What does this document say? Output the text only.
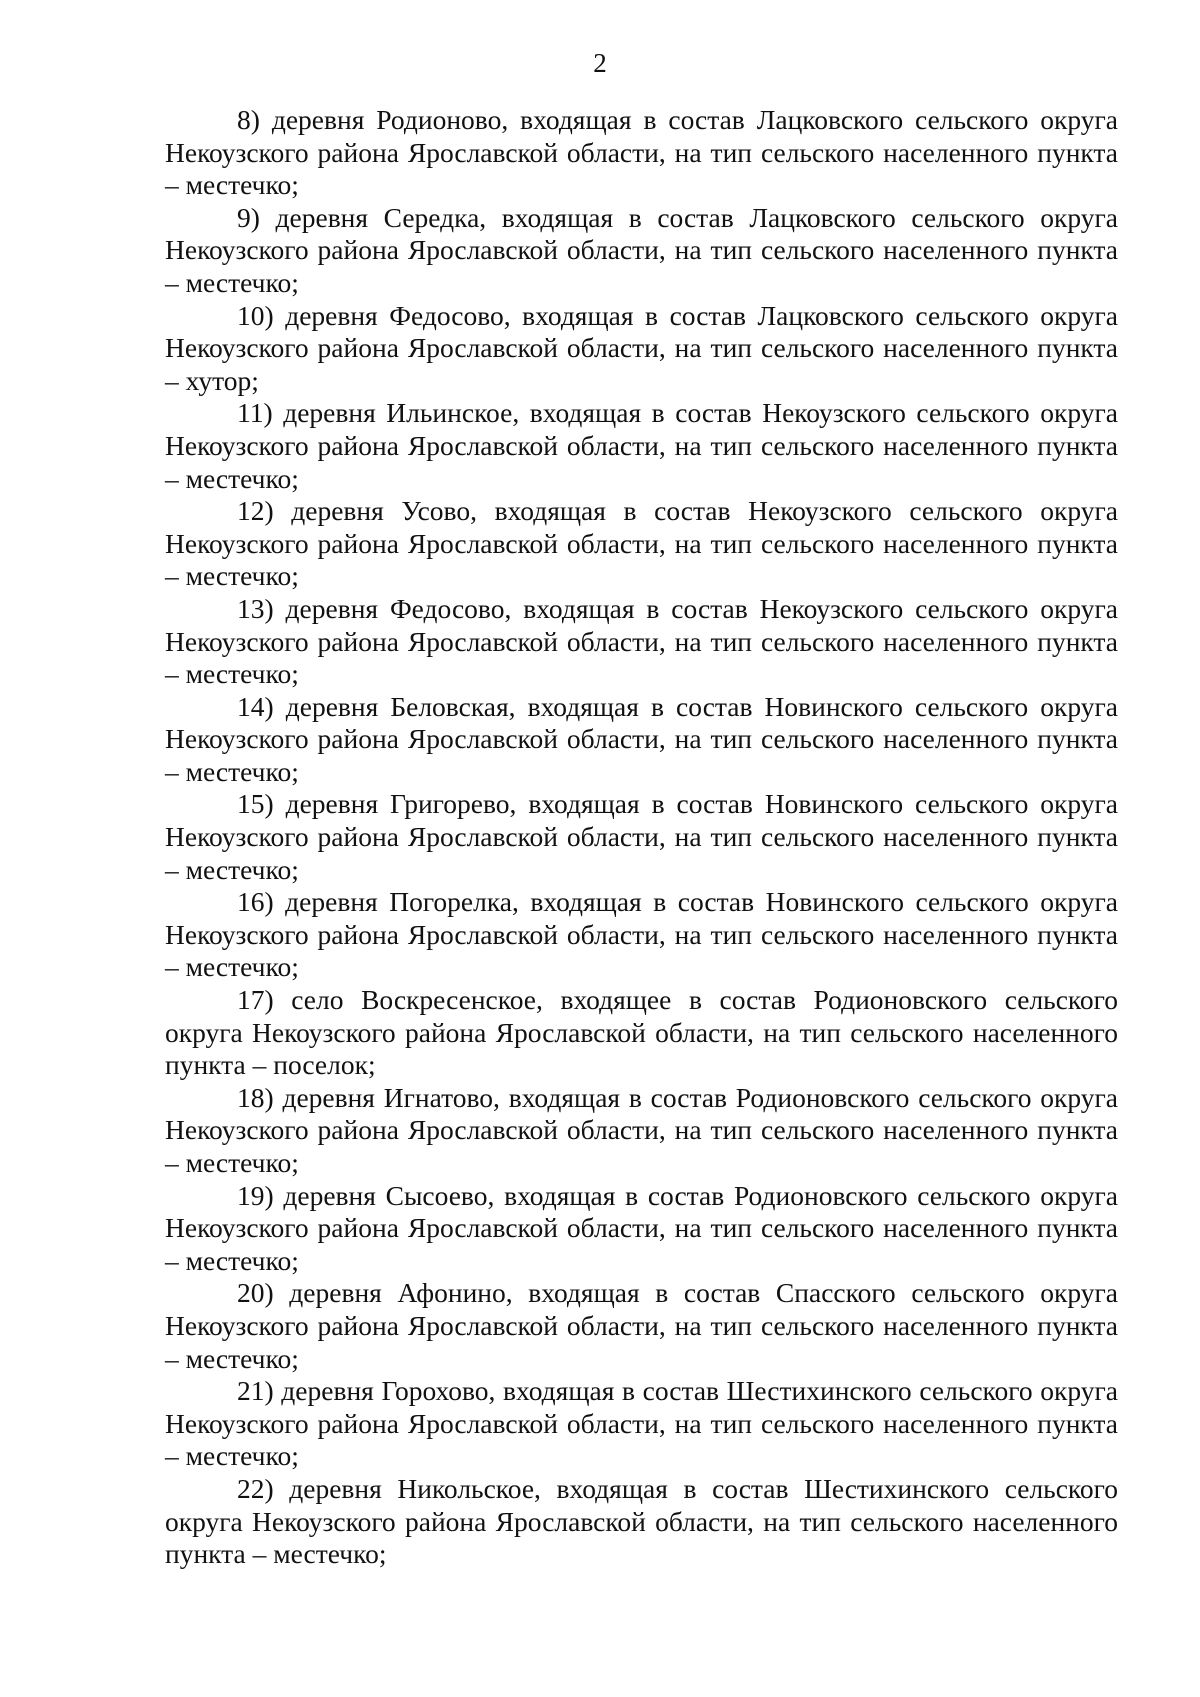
2

8) деревня Родионово, входящая в состав Лацковского сельского округа Некоузского района Ярославской области, на тип сельского населенного пункта – местечко;

9) деревня Середка, входящая в состав Лацковского сельского округа Некоузского района Ярославской области, на тип сельского населенного пункта – местечко;

10) деревня Федосово, входящая в состав Лацковского сельского округа Некоузского района Ярославской области, на тип сельского населенного пункта – хутор;

11) деревня Ильинское, входящая в состав Некоузского сельского округа Некоузского района Ярославской области, на тип сельского населенного пункта – местечко;

12) деревня Усово, входящая в состав Некоузского сельского округа Некоузского района Ярославской области, на тип сельского населенного пункта – местечко;

13) деревня Федосово, входящая в состав Некоузского сельского округа Некоузского района Ярославской области, на тип сельского населенного пункта – местечко;

14) деревня Беловская, входящая в состав Новинского сельского округа Некоузского района Ярославской области, на тип сельского населенного пункта – местечко;

15) деревня Григорево, входящая в состав Новинского сельского округа Некоузского района Ярославской области, на тип сельского населенного пункта – местечко;

16) деревня Погорелка, входящая в состав Новинского сельского округа Некоузского района Ярославской области, на тип сельского населенного пункта – местечко;

17) село Воскресенское, входящее в состав Родионовского сельского округа Некоузского района Ярославской области, на тип сельского населенного пункта – поселок;

18) деревня Игнатово, входящая в состав Родионовского сельского округа Некоузского района Ярославской области, на тип сельского населенного пункта – местечко;

19) деревня Сысоево, входящая в состав Родионовского сельского округа Некоузского района Ярославской области, на тип сельского населенного пункта – местечко;

20) деревня Афонино, входящая в состав Спасского сельского округа Некоузского района Ярославской области, на тип сельского населенного пункта – местечко;

21) деревня Горохово, входящая в состав Шестихинского сельского округа Некоузского района Ярославской области, на тип сельского населенного пункта – местечко;

22) деревня Никольское, входящая в состав Шестихинского сельского округа Некоузского района Ярославской области, на тип сельского населенного пункта – местечко;
